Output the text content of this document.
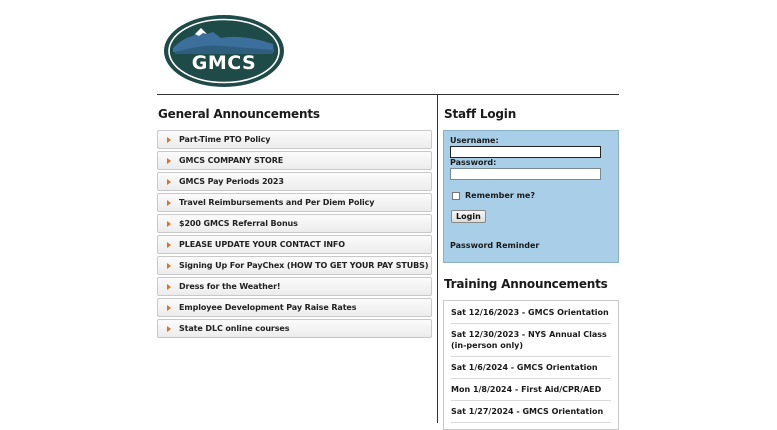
GMCS
General Announcements
Part-Time PTO Policy
GMCS COMPANY STORE
GMCS Pay Periods 2023
Travel Reimbursements and Per Diem Policy
$200 GMCS Referral Bonus
PLEASE UPDATE YOUR CONTACT INFO
Signing Up For PayChex (HOW TO GET YOUR PAY STUBS)
Dress for the Weather!
Employee Development Pay Raise Rates
State DLC online courses
Staff Login
Username:
Password:
Remember me?
Login
Password Reminder
Training Announcements
Sat 12/16/2023 - GMCS Orientation
Sat 12/30/2023 - NYS Annual Class (in-person only)
Sat 1/6/2024 - GMCS Orientation
Mon 1/8/2024 - First Aid/CPR/AED
Sat 1/27/2024 - GMCS Orientation
